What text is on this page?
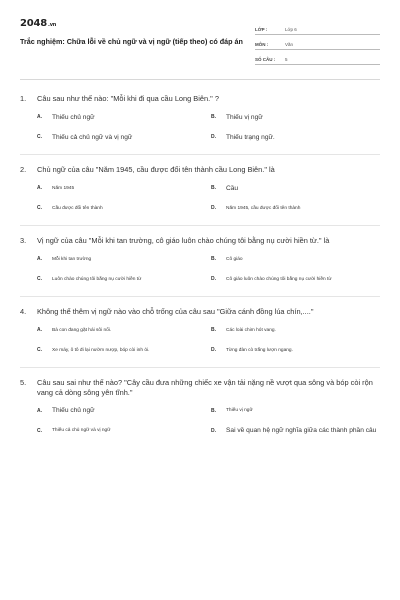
2048.vn
Trắc nghiệm: Chữa lỗi về chủ ngữ và vị ngữ (tiếp theo) có đáp án
LỚP :	Lớp 6
MÔN :	Văn
SỐ CÂU :	5
1.	Câu sau như thế nào: "Mỗi khi đi qua cầu Long Biên." ?
A.	Thiếu chủ ngữ	B.	Thiếu vị ngữ
C.	Thiếu cả chủ ngữ và vị ngữ	D.	Thiếu trạng ngữ.
2.	Chủ ngữ của câu "Năm 1945, cầu được đổi tên thành cầu Long Biên." là
A.	Năm 1945	B.	Cầu
C.	Cầu được đổi tên thành	D.	Năm 1945, cầu được đổi tên thành
3.	Vị ngữ của câu "Mỗi khi tan trường, cô giáo luôn chào chúng tôi bằng nụ cười hiền từ." là
A.	Mỗi khi tan trường	B.	Cô giáo
C.	Luôn chào chúng tôi bằng nụ cười hiền từ	D.	Cô giáo luôn chào chúng tôi bằng nụ cười hiền từ
4.	Không thể thêm vị ngữ nào vào chỗ trống của câu sau "Giữa cánh đồng lúa chín,...."
A.	Bà con đang gặt hái sôi nổi.	B.	Các loài chim hót vang.
C.	Xe máy, ô tô đi lại nườm nượp, bóp còi inh ỏi.	D.	Từng đàn cò trắng lượn ngang.
5.	Câu sau sai như thế nào? "Cây cầu đưa những chiếc xe vận tải nặng nề vượt qua sông và bóp còi rộn vang cả dòng sông yên tĩnh."
A.	Thiếu chủ ngữ	B.	Thiếu vị ngữ
C.	Thiếu cả chủ ngữ và vị ngữ	D.	Sai về quan hệ ngữ nghĩa giữa các thành phần câu
